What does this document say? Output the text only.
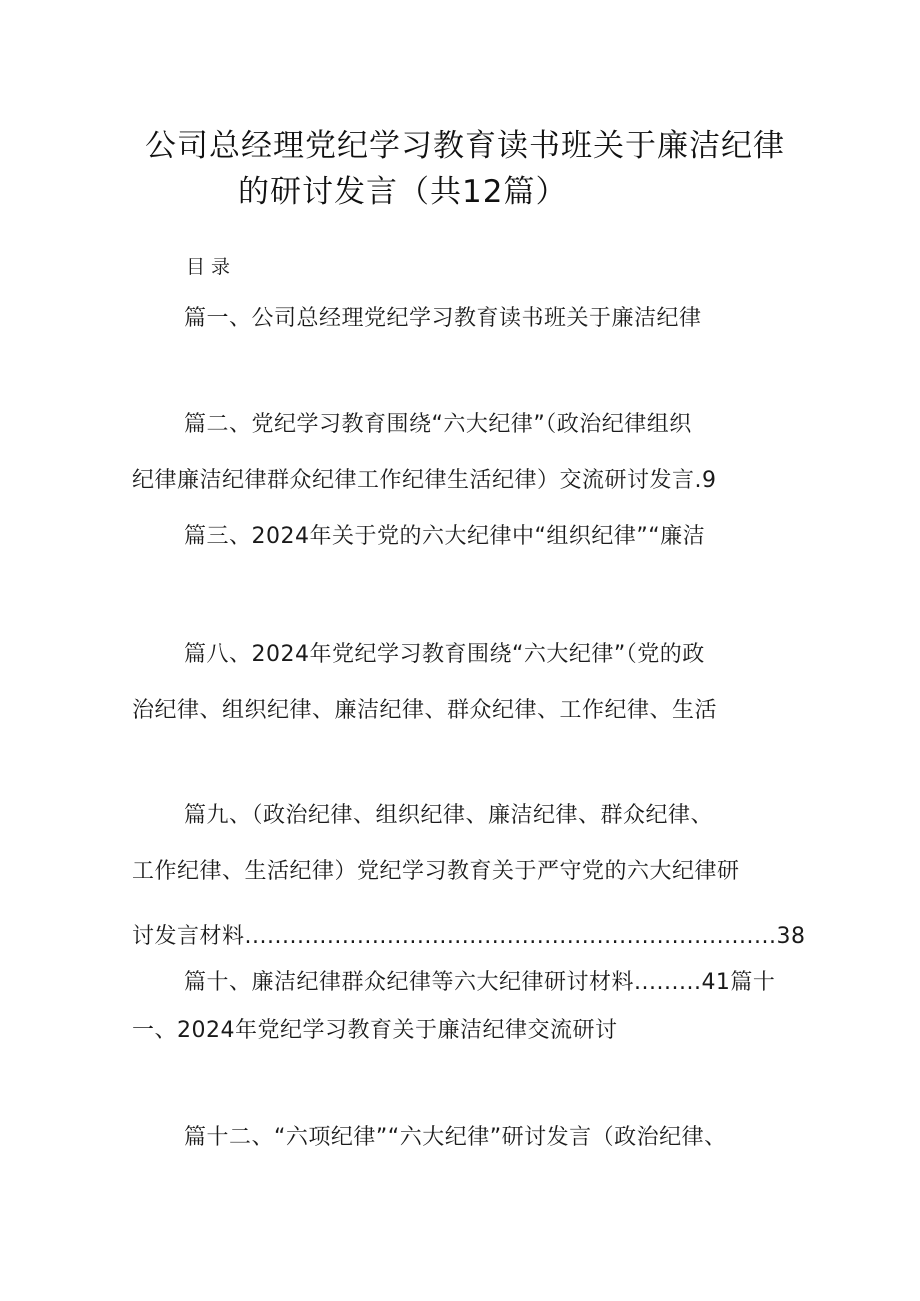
公司总经理党纪学习教育读书班关于廉洁纪律
的研讨发言（共12篇）
目录
篇一、公司总经理党纪学习教育读书班关于廉洁纪律
篇二、党纪学习教育围绕“六大纪律”（政治纪律组织
纪律廉洁纪律群众纪律工作纪律生活纪律）交流研讨发言.9
篇三、2024年关于党的六大纪律中“组织纪律”“廉洁
篇八、2024年党纪学习教育围绕“六大纪律”（党的政
治纪律、组织纪律、廉洁纪律、群众纪律、工作纪律、生活
篇九、（政治纪律、组织纪律、廉洁纪律、群众纪律、
工作纪律、生活纪律）党纪学习教育关于严守党的六大纪律研
讨发言材料.......................................................................38
篇十、廉洁纪律群众纪律等六大纪律研讨材料.........41篇十
一、2024年党纪学习教育关于廉洁纪律交流研讨
篇十二、“六项纪律”“六大纪律”研讨发言（政治纪律、
